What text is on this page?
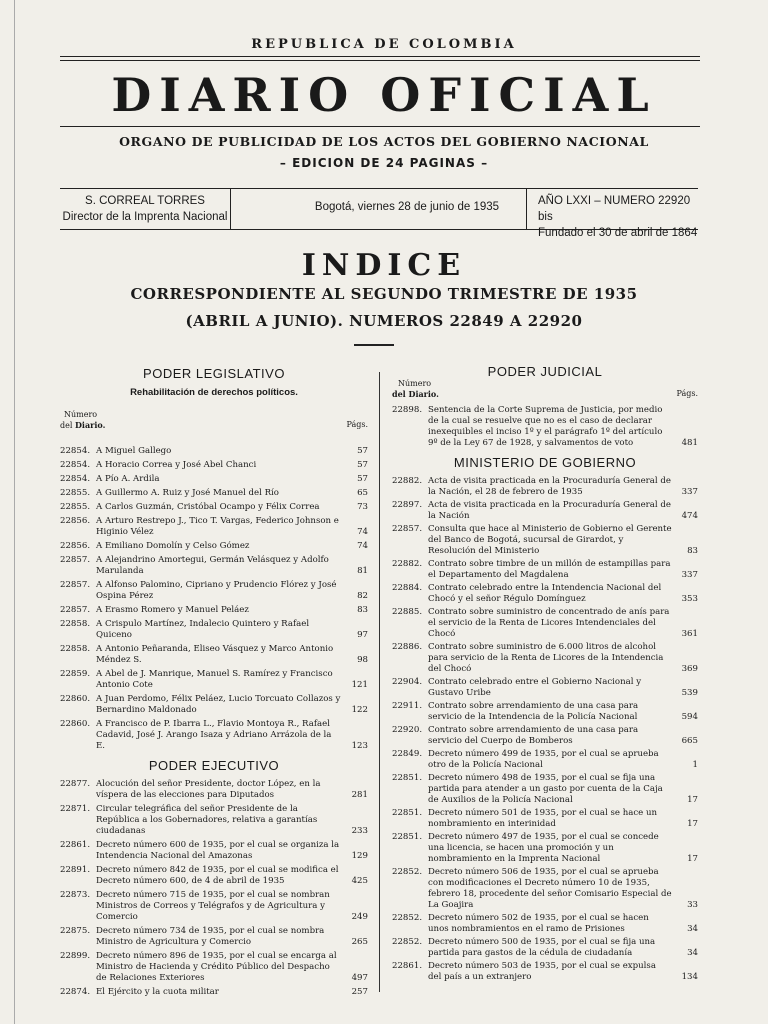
REPUBLICA DE COLOMBIA
DIARIO OFICIAL
ORGANO DE PUBLICIDAD DE LOS ACTOS DEL GOBIERNO NACIONAL
– EDICION DE 24 PAGINAS –
S. CORREAL TORRES
Director de la Imprenta Nacional
Bogotá, viernes 28 de junio de 1935	AÑO LXXI – NUMERO 22920 bis
Fundado el 30 de abril de 1864
INDICE
CORRESPONDIENTE AL SEGUNDO TRIMESTRE DE 1935
(ABRIL A JUNIO). NUMEROS 22849 A 22920
PODER LEGISLATIVO
Rehabilitación de derechos políticos.
Número
del Diario.	Págs.
22854. A Miguel Gallego	57
22854. A Horacio Correa y José Abel Chanci	57
22854. A Pío A. Ardila	57
22855. A Guillermo A. Ruiz y José Manuel del Río	65
22855. A Carlos Guzmán, Cristóbal Ocampo y Félix Correa	73
22856. A Arturo Restrepo J., Tico T. Vargas, Federico Johnson e Higinio Vélez	74
22856. A Emiliano Domolín y Celso Gómez	74
22857. A Alejandrino Amortegui, Germán Velásquez y Adolfo Marulanda	81
22857. A Alfonso Palomino, Cipriano y Prudencio Flórez y José Ospina Pérez	82
22857. A Erasmo Romero y Manuel Peláez	83
22858. A Crispulo Martínez, Indalecio Quintero y Rafael Quiceno	97
22858. A Antonio Peñaranda, Eliseo Vásquez y Marco Antonio Méndez S.	98
22859. A Abel de J. Manrique, Manuel S. Ramírez y Francisco Antonio Cote	121
22860. A Juan Perdomo, Félix Peláez, Lucio Torcuato Collazos y Bernardino Maldonado	122
22860. A Francisco de P. Ibarra L., Flavio Montoya R., Rafael Cadavid, José J. Arango Isaza y Adriano Arrázola de la E.	123
PODER EJECUTIVO
22877. Alocución del señor Presidente, doctor López, en la víspera de las elecciones para Diputados	281
22871. Circular telegráfica del señor Presidente de la República a los Gobernadores, relativa a garantías ciudadanas	233
22861. Decreto número 600 de 1935, por el cual se organiza la Intendencia Nacional del Amazonas	129
22891. Decreto número 842 de 1935, por el cual se modifica el Decreto número 600, de 4 de abril de 1935	425
22873. Decreto número 715 de 1935, por el cual se nombran Ministros de Correos y Telégrafos y de Agricultura y Comercio	249
22875. Decreto número 734 de 1935, por el cual se nombra Ministro de Agricultura y Comercio	265
22899. Decreto número 896 de 1935, por el cual se encarga al Ministro de Hacienda y Crédito Público del Despacho de Relaciones Exteriores	497
22874. El Ejército y la cuota militar	257
PODER JUDICIAL
Número
del Diario.	Págs.
22898. Sentencia de la Corte Suprema de Justicia, por medio de la cual se resuelve que no es el caso de declarar inexequibles el inciso 1º y el parágrafo 1º del artículo 9º de la Ley 67 de 1928, y salvamentos de voto	481
MINISTERIO DE GOBIERNO
22882. Acta de visita practicada en la Procuraduría General de la Nación, el 28 de febrero de 1935	337
22897. Acta de visita practicada en la Procuraduría General de la Nación	474
22857. Consulta que hace al Ministerio de Gobierno el Gerente del Banco de Bogotá, sucursal de Girardot, y Resolución del Ministerio	83
22882. Contrato sobre timbre de un millón de estampillas para el Departamento del Magdalena	337
22884. Contrato celebrado entre la Intendencia Nacional del Chocó y el señor Régulo Domínguez	353
22885. Contrato sobre suministro de concentrado de anís para el servicio de la Renta de Licores Intendenciales del Chocó	361
22886. Contrato sobre suministro de 6.000 litros de alcohol para servicio de la Renta de Licores de la Intendencia del Chocó	369
22904. Contrato celebrado entre el Gobierno Nacional y Gustavo Uribe	539
22911. Contrato sobre arrendamiento de una casa para servicio de la Intendencia de la Policía Nacional	594
22920. Contrato sobre arrendamiento de una casa para servicio del Cuerpo de Bomberos	665
22849. Decreto número 499 de 1935, por el cual se aprueba otro de la Policía Nacional	1
22851. Decreto número 498 de 1935, por el cual se fija una partida para atender a un gasto por cuenta de la Caja de Auxilios de la Policía Nacional	17
22851. Decreto número 501 de 1935, por el cual se hace un nombramiento en interinidad	17
22851. Decreto número 497 de 1935, por el cual se concede una licencia, se hacen una promoción y un nombramiento en la Imprenta Nacional	17
22852. Decreto número 506 de 1935, por el cual se aprueba con modificaciones el Decreto número 10 de 1935, febrero 18, procedente del señor Comisario Especial de La Goajira	33
22852. Decreto número 502 de 1935, por el cual se hacen unos nombramientos en el ramo de Prisiones	34
22852. Decreto número 500 de 1935, por el cual se fija una partida para gastos de la cédula de ciudadanía	34
22861. Decreto número 503 de 1935, por el cual se expulsa del país a un extranjero	134
